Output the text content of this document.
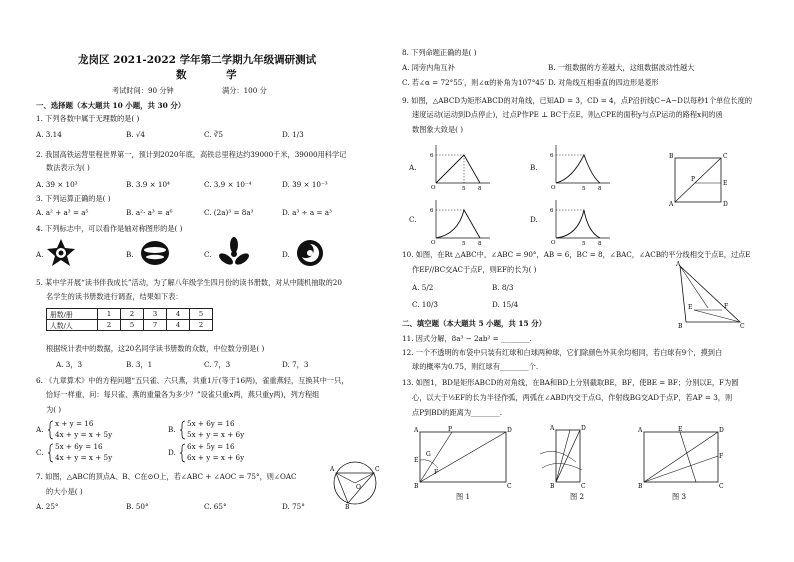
龙岗区 2021-2022 学年第二学期九年级调研测试
数 学
考试时间：90 分钟	满分：100 分
一、选择题（本大题共 10 小题，共 30 分）
1. 下列各数中属于无理数的是( )
A. 3.14	B. √4	C. ∛5	D. 1/3
2. 我国高铁运营里程世界第一，预计到2020年底，高铁总里程达约39000千米，39000用科学记
数法表示为( )
A. 39 × 10³	B. 3.9 × 10⁴	C. 3.9 × 10⁻⁴	D. 39 × 10⁻³
3. 下列运算正确的是( )
A. a² + a³ = a⁵	B. a²· a³ = a⁶	C. (2a)³ = 8a³	D. a³ ÷ a = a³
4. 下列标志中，可以看作是轴对称图形的是( )
A.	B.	C.	D.
5. 某中学开展“读书伴我成长”活动，为了解八年级学生四月份的读书册数，对从中随机抽取的20
名学生的读书册数进行调查，结果如下表：
册数/册	1	2	3	4	5
人数/人	2	5	7	4	2
根据统计表中的数据，这20名同学读书册数的众数，中位数分别是( )
A. 3，3	B. 3，1	C. 7，3	D. 7，3
6. 《九章算术》中的方程问题“五只雀、六只燕，共重1斤(等于16两)，雀重燕轻，互换其中一只，
恰好一样重，问：每只雀、燕的重量各为多少？”设雀只重x两，燕只重y两)，列方程组
为( )
A.
x + y = 16
4x + y = x + 5y
B.
5x + 6y = 16
5x + y = x + 6y
C.
5x + 6y = 16
4x + y = x + 5y
D.
6x + 5y = 16
6x + y = x + 6y
7. 如图，△ABC的顶点A、B、C在⊙O上，若∠ABC + ∠AOC = 75°，则∠OAC
的大小是( )
A. 25°	B. 50°	C. 65°	D. 75°
A	C
B
O
8. 下列命题正确的是( )
A. 同旁内角互补	B. 一组数据的方差越大，这组数据波动性越大
C. 若∠α = 72°55′，则∠α的补角为107°45′ D. 对角线互相垂直的四边形是菱形
9. 如图，△ABCD为矩形ABCD的对角线，已知AD = 3，CD = 4，点P沿折线C−A−D以每秒1个单位长度的
速度运动(运动到D点停止)，过点P作PE ⊥ BC于点E，则△CPE的面积y与点P运动的路程x间的函
数图象大致是( )
A.
6
O	5 8
B.
6
O	5 8
A
B	C
D
E
P
C.
6
O	5 8
D.
6
O	5 8
10. 如图，在Rt △ABC中，∠ABC = 90°，AB = 6，BC = 8，∠BAC，∠ACB的平分线相交于点E，过点E
作EF//BC交AC于点F，则EF的长为( )
A. 5/2	B. 8/3
C. 10/3	D. 15/4
A
B	C
E	F
二、填空题（本大题共 5 小题，共 15 分）
11. 因式分解，8a³ − 2ab² = ________.
12. 一个不透明的布袋中只装有红球和白球两种球，它们除颜色外其余均相同，若白球有9个，摸到白
球的概率为0.75，则红球有________个.
13. 如图1，BD是矩形ABCD的对角线，在BA和BD上分别截取BE，BF，使BE = BF；分别以E，F为圆
心，以大于½EF的长为半径作弧，两弧在∠ABD内交于点G，作射线BG交AD于点P，若AP = 3，则
点P到BD的距离为________.
A
B	C
D
E
F
G
P
图 1
A	D
B	C
图 2
A	D
B	C
E
F
图 3
